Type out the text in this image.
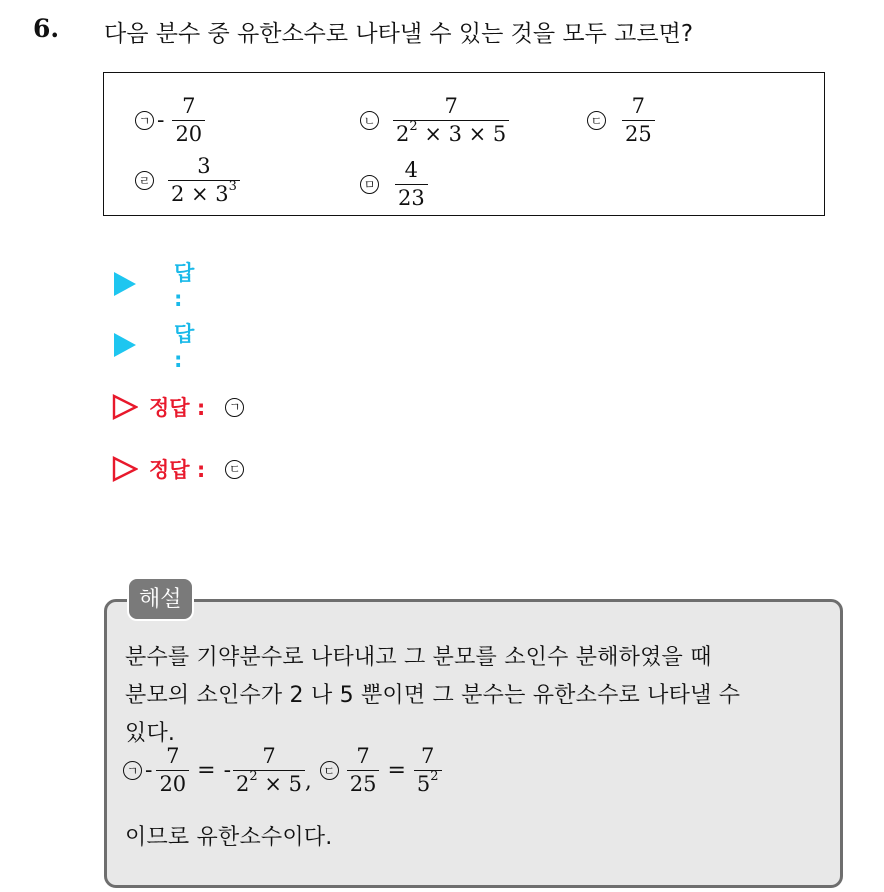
6. 다음 분수 중 유한소수로 나타낼 수 있는 것을 모두 고르면?
ㄱ - $\frac{7}{20}$	ㄴ $\frac{7}{2^2 \times 3 \times 5}$	ㄷ $\frac{7}{25}$
ㄹ $\frac{3}{2 \times 3^3}$	ㅁ $\frac{4}{23}$
답 :
답 :
정답 :	ㄱ
정답 :	ㄷ
해설
분수를 기약분수로 나타내고 그 분모를 소인수 분해하였을 때
분모의 소인수가 2 나 5 뿐이면 그 분수는 유한소수로 나타낼 수
있다.
ㄱ - $\frac{7}{20}$ = - $\frac{7}{2^2 \times 5}$ , ㄷ $\frac{7}{25} = \frac{7}{5^2}$
이므로 유한소수이다.
